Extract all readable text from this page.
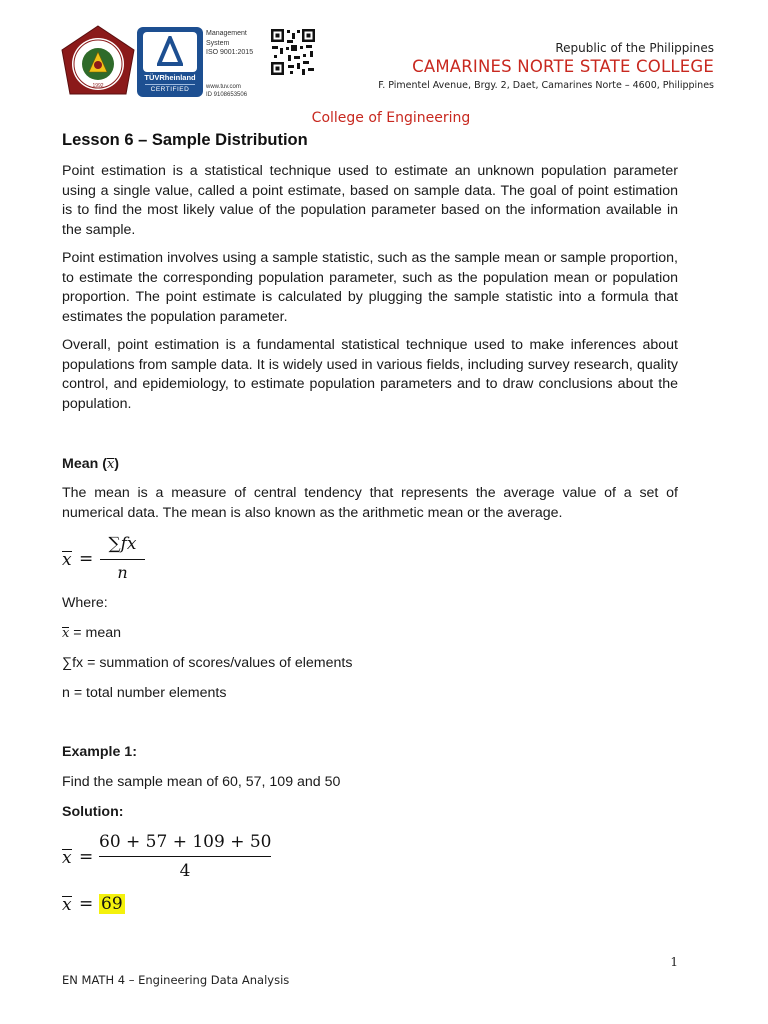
1992
TÜVRheinland
CERTIFIED
Management
System
ISO 9001:2015
www.tuv.com
ID 9108653506
Republic of the Philippines
CAMARINES NORTE STATE COLLEGE
F. Pimentel Avenue, Brgy. 2, Daet, Camarines Norte – 4600, Philippines
College of Engineering
Lesson 6 – Sample Distribution
Point estimation is a statistical technique used to estimate an unknown population parameter using a single value, called a point estimate, based on sample data. The goal of point estimation is to find the most likely value of the population parameter based on the information available in the sample.
Point estimation involves using a sample statistic, such as the sample mean or sample proportion, to estimate the corresponding population parameter, such as the population mean or population proportion. The point estimate is calculated by plugging the sample statistic into a formula that estimates the population parameter.
Overall, point estimation is a fundamental statistical technique used to make inferences about populations from sample data. It is widely used in various fields, including survey research, quality control, and epidemiology, to estimate population parameters and to draw conclusions about the population.
Mean (x)
The mean is a measure of central tendency that represents the average value of a set of numerical data. The mean is also known as the arithmetic mean or the average.
x =
∑fx
n
Where:
x = mean
∑fx = summation of scores/values of elements
n = total number elements
Example 1:
Find the sample mean of 60, 57, 109 and 50
Solution:
x =
60 + 57 + 109 + 50
4
x = 69
1
EN MATH 4 – Engineering Data Analysis
